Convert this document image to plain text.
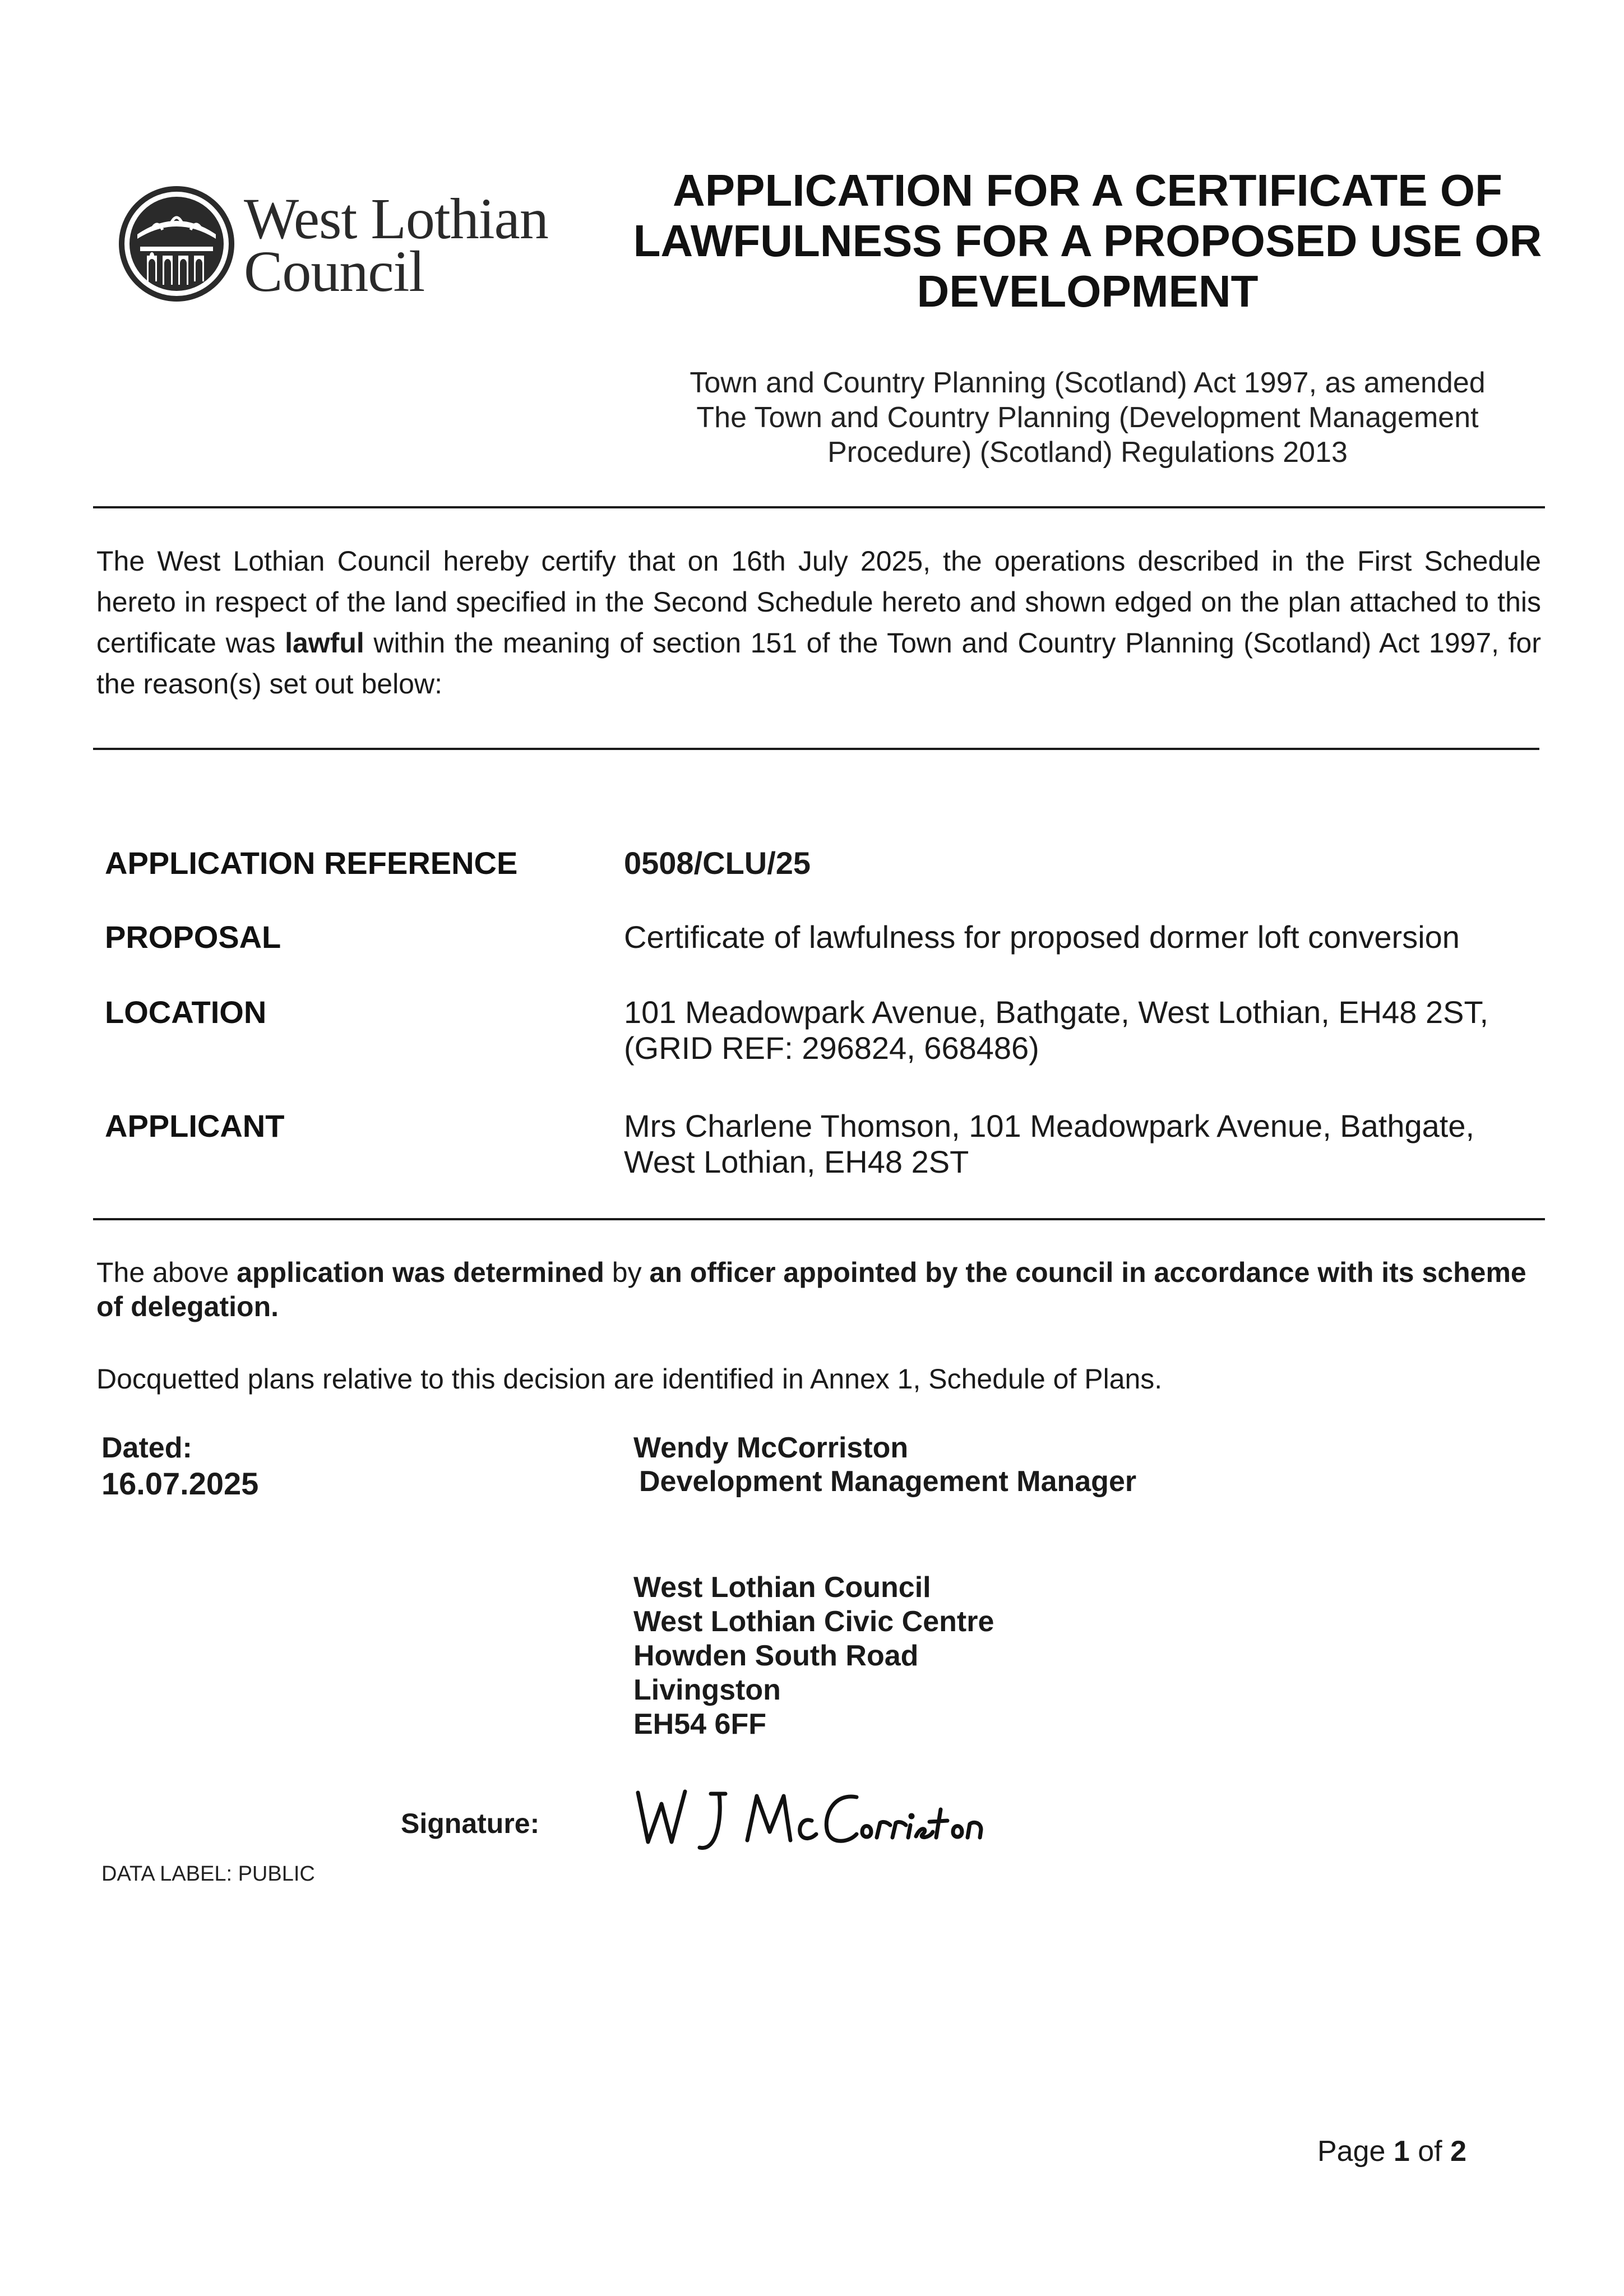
West Lothian
Council
APPLICATION FOR A CERTIFICATE OF
LAWFULNESS FOR A PROPOSED USE OR
DEVELOPMENT
Town and Country Planning (Scotland) Act 1997, as amended
The Town and Country Planning (Development Management
Procedure) (Scotland) Regulations 2013
The West Lothian Council hereby certify that on 16th July 2025, the operations described in the First Schedule hereto in respect of the land specified in the Second Schedule hereto and shown edged on the plan attached to this certificate was lawful within the meaning of section 151 of the Town and Country Planning (Scotland) Act 1997, for the reason(s) set out below:
APPLICATION REFERENCE	0508/CLU/25
PROPOSAL	Certificate of lawfulness for proposed dormer loft conversion
LOCATION	101 Meadowpark Avenue, Bathgate, West Lothian, EH48 2ST,
(GRID REF: 296824, 668486)
APPLICANT	Mrs Charlene Thomson, 101 Meadowpark Avenue, Bathgate,
West Lothian, EH48 2ST
The above application was determined by an officer appointed by the council in accordance with its scheme of delegation.
Docquetted plans relative to this decision are identified in Annex 1, Schedule of Plans.
Dated:
16.07.2025
Wendy McCorriston
Development Management Manager
West Lothian Council
West Lothian Civic Centre
Howden South Road
Livingston
EH54 6FF
Signature:
DATA LABEL: PUBLIC
Page 1 of 2
